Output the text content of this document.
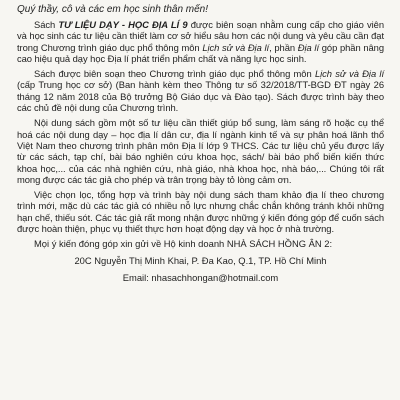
Quý thầy, cô và các em học sinh thân mến!

Sách TƯ LIỆU DẠY - HỌC ĐỊA LÍ 9 được biên soạn nhằm cung cấp cho giáo viên và học sinh các tư liệu cần thiết làm cơ sở hiểu sâu hơn các nội dung và yêu cầu cần đạt trong Chương trình giáo dục phổ thông môn Lịch sử và Địa lí, phần Địa lí góp phần nâng cao hiệu quả dạy học Địa lí phát triển phẩm chất và năng lực học sinh.

Sách được biên soạn theo Chương trình giáo dục phổ thông môn Lịch sử và Địa lí (cấp Trung học cơ sở) (Ban hành kèm theo Thông tư số 32/2018/TT-BGD ĐT ngày 26 tháng 12 năm 2018 của Bộ trưởng Bộ Giáo dục và Đào tạo). Sách được trình bày theo các chủ đề nội dung của Chương trình.

Nội dung sách gồm một số tư liệu cần thiết giúp bổ sung, làm sáng rõ hoặc cụ thể hoá các nội dung dạy – học địa lí dân cư, địa lí ngành kinh tế và sự phân hoá lãnh thổ Việt Nam theo chương trình phân môn Địa lí lớp 9 THCS. Các tư liệu chủ yếu được lấy từ các sách, tạp chí, bài báo nghiên cứu khoa học, sách/ bài báo phổ biến kiến thức khoa học,... của các nhà nghiên cứu, nhà giáo, nhà khoa học, nhà báo,... Chúng tôi rất mong được các tác giả cho phép và trân trọng bày tỏ lòng cảm ơn.

Việc chọn lọc, tổng hợp và trình bày nội dung sách tham khảo địa lí theo chương trình mới, mặc dù các tác giả có nhiều nỗ lực nhưng chắc chắn không tránh khỏi những hạn chế, thiếu sót. Các tác giả rất mong nhận được những ý kiến đóng góp để cuốn sách được hoàn thiện, phục vụ thiết thực hơn hoạt động dạy và học ở nhà trường.

Mọi ý kiến đóng góp xin gửi về Hộ kinh doanh NHÀ SÁCH HỒNG ÂN 2:
20C Nguyễn Thị Minh Khai, P. Đa Kao, Q.1, TP. Hồ Chí Minh
Email: nhasachhongan@hotmail.com
